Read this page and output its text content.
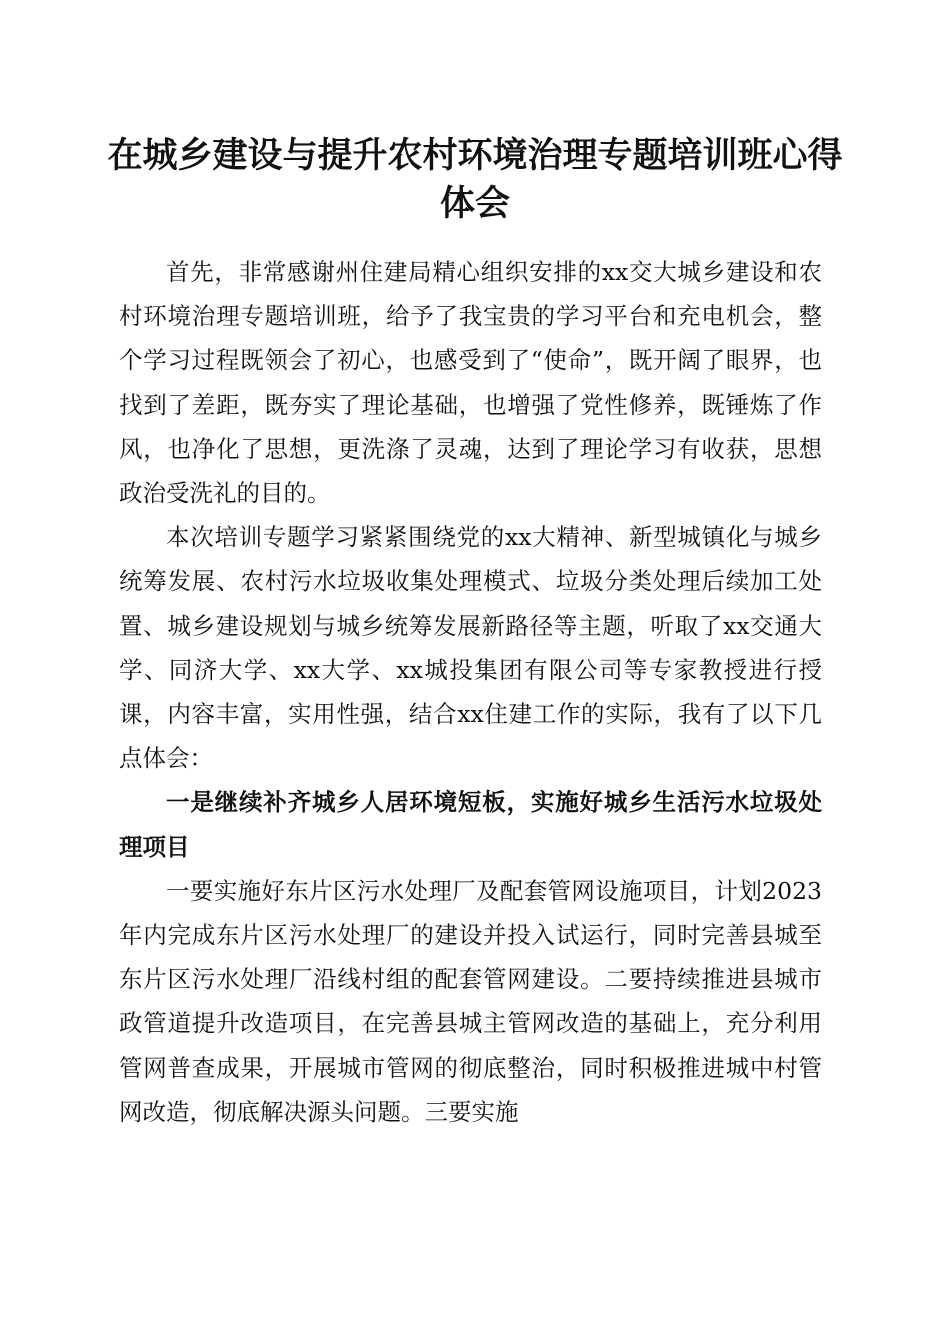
在城乡建设与提升农村环境治理专题培训班心得体会

首先，非常感谢州住建局精心组织安排的xx交大城乡建设和农村环境治理专题培训班，给予了我宝贵的学习平台和充电机会，整个学习过程既领会了初心，也感受到了“使命”，既开阔了眼界，也找到了差距，既夯实了理论基础，也增强了党性修养，既锤炼了作风，也净化了思想，更洗涤了灵魂，达到了理论学习有收获，思想政治受洗礼的目的。

本次培训专题学习紧紧围绕党的xx大精神、新型城镇化与城乡统筹发展、农村污水垃圾收集处理模式、垃圾分类处理后续加工处置、城乡建设规划与城乡统筹发展新路径等主题，听取了xx交通大学、同济大学、xx大学、xx城投集团有限公司等专家教授进行授课，内容丰富，实用性强，结合xx住建工作的实际，我有了以下几点体会：

一是继续补齐城乡人居环境短板，实施好城乡生活污水垃圾处理项目

一要实施好东片区污水处理厂及配套管网设施项目，计划2023年内完成东片区污水处理厂的建设并投入试运行，同时完善县城至东片区污水处理厂沿线村组的配套管网建设。二要持续推进县城市政管道提升改造项目，在完善县城主管网改造的基础上，充分利用管网普查成果，开展城市管网的彻底整治，同时积极推进城中村管网改造，彻底解决源头问题。三要实施
